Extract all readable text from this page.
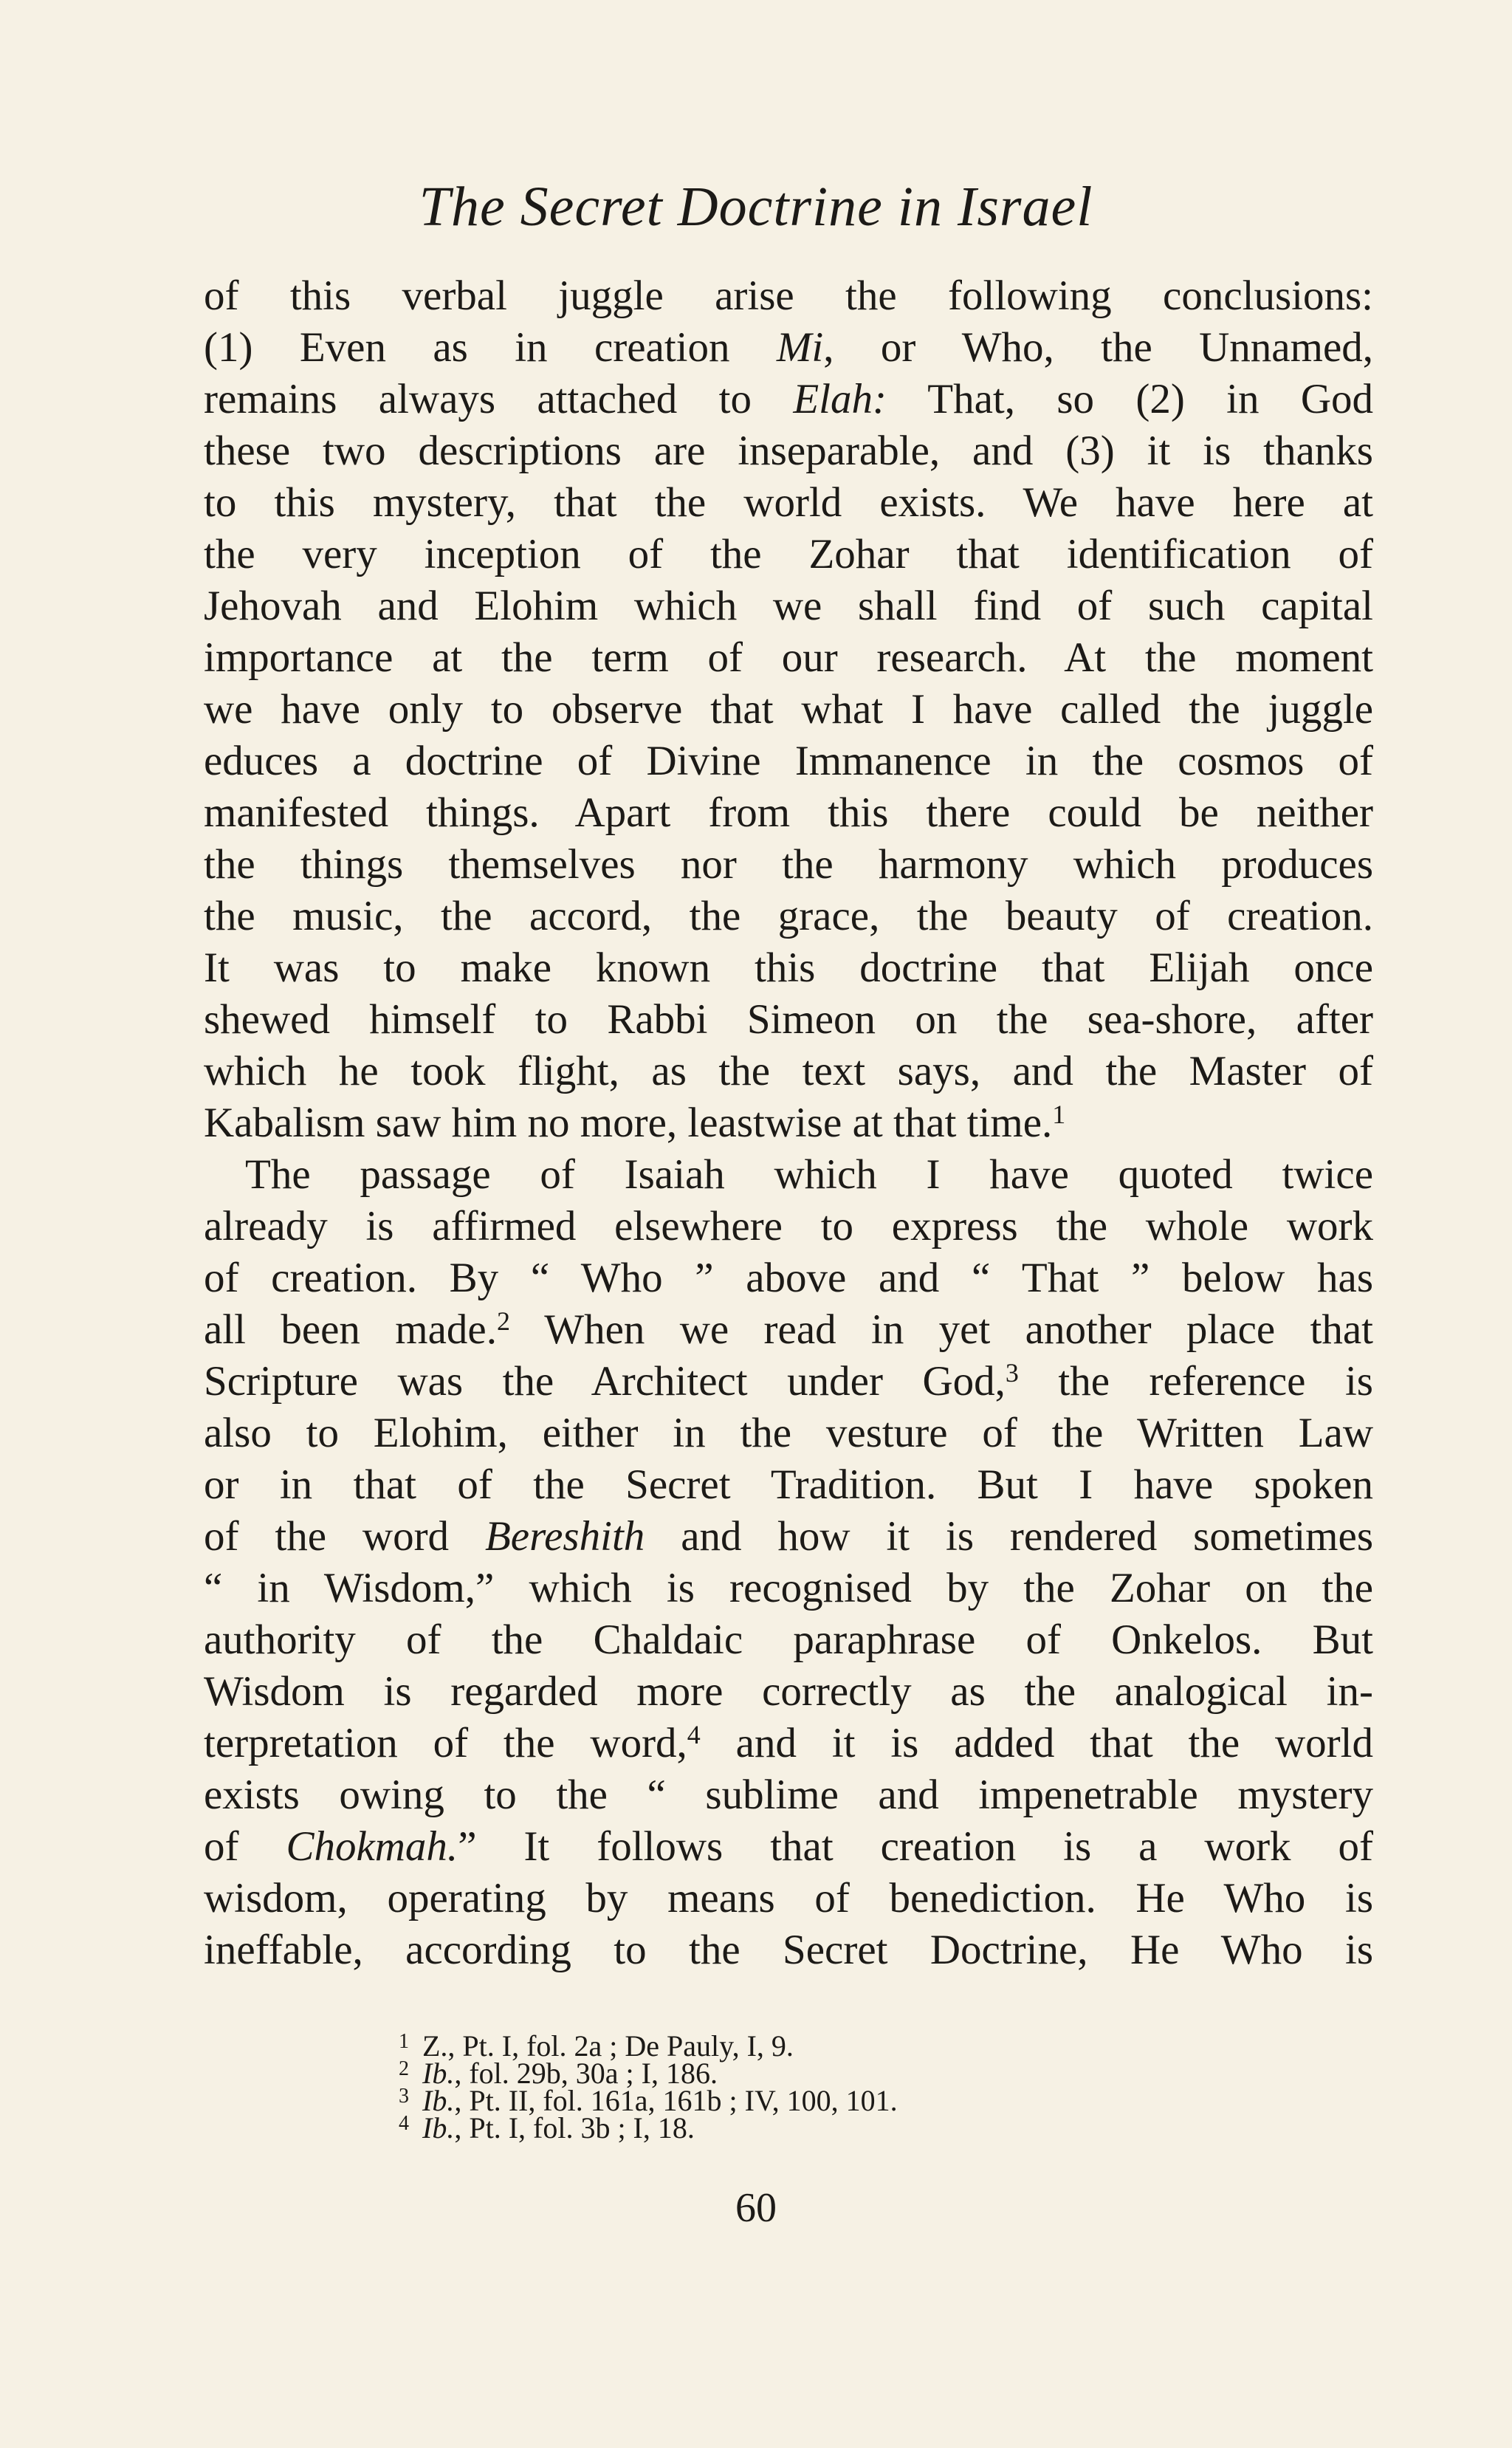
The Secret Doctrine in Israel
of this verbal juggle arise the following conclusions:
(1) Even as in creation Mi, or Who, the Unnamed,
remains always attached to Elah: That, so (2) in God
these two descriptions are inseparable, and (3) it is thanks
to this mystery, that the world exists. We have here at
the very inception of the Zohar that identification of
Jehovah and Elohim which we shall find of such capital
importance at the term of our research. At the moment
we have only to observe that what I have called the juggle
educes a doctrine of Divine Immanence in the cosmos of
manifested things. Apart from this there could be neither
the things themselves nor the harmony which produces
the music, the accord, the grace, the beauty of creation.
It was to make known this doctrine that Elijah once
shewed himself to Rabbi Simeon on the sea-shore, after
which he took flight, as the text says, and the Master of
Kabalism saw him no more, leastwise at that time.$^1$
The passage of Isaiah which I have quoted twice
already is affirmed elsewhere to express the whole work
of creation. By “ Who ” above and “ That ” below has
all been made.$^2$ When we read in yet another place that
Scripture was the Architect under God,$^3$ the reference is
also to Elohim, either in the vesture of the Written Law
or in that of the Secret Tradition. But I have spoken
of the word Bereshith and how it is rendered sometimes
“ in Wisdom,” which is recognised by the Zohar on the
authority of the Chaldaic paraphrase of Onkelos. But
Wisdom is regarded more correctly as the analogical in-
terpretation of the word,$^4$ and it is added that the world
exists owing to the “ sublime and impenetrable mystery
of Chokmah.” It follows that creation is a work of
wisdom, operating by means of benediction. He Who is
ineffable, according to the Secret Doctrine, He Who is
1 Z., Pt. I, fol. 2a ; De Pauly, I, 9.
2 Ib., fol. 29b, 30a ; I, 186.
3 Ib., Pt. II, fol. 161a, 161b ; IV, 100, 101.
4 Ib., Pt. I, fol. 3b ; I, 18.
60
